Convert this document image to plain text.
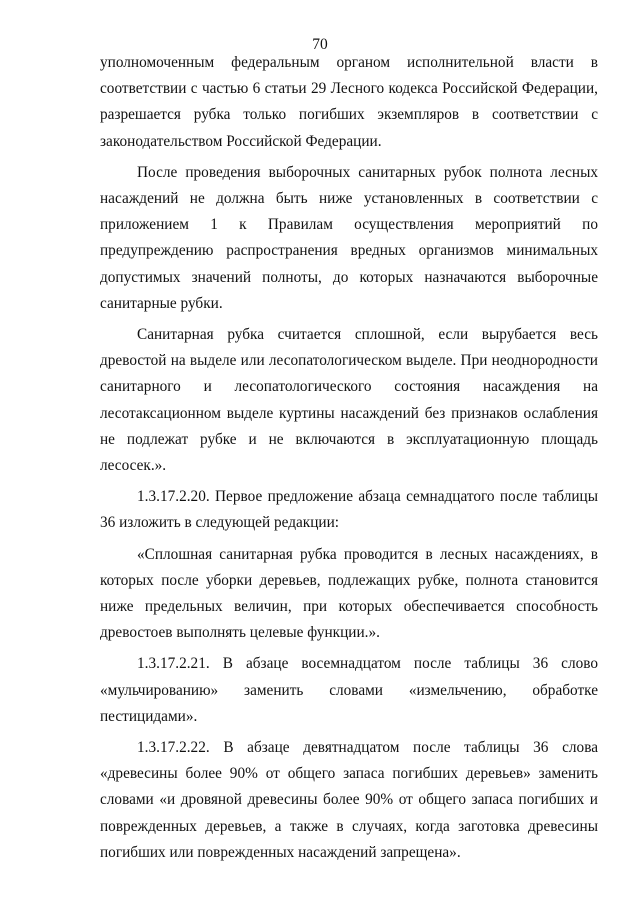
70

уполномоченным федеральным органом исполнительной власти в соответствии с частью 6 статьи 29 Лесного кодекса Российской Федерации, разрешается рубка только погибших экземпляров в соответствии с законодательством Российской Федерации.

После проведения выборочных санитарных рубок полнота лесных насаждений не должна быть ниже установленных в соответствии с приложением 1 к Правилам осуществления мероприятий по предупреждению распространения вредных организмов минимальных допустимых значений полноты, до которых назначаются выборочные санитарные рубки.

Санитарная рубка считается сплошной, если вырубается весь древостой на выделе или лесопатологическом выделе. При неоднородности санитарного и лесопатологического состояния насаждения на лесотаксационном выделе куртины насаждений без признаков ослабления не подлежат рубке и не включаются в эксплуатационную площадь лесосек.».

1.3.17.2.20. Первое предложение абзаца семнадцатого после таблицы 36 изложить в следующей редакции:

«Сплошная санитарная рубка проводится в лесных насаждениях, в которых после уборки деревьев, подлежащих рубке, полнота становится ниже предельных величин, при которых обеспечивается способность древостоев выполнять целевые функции.».

1.3.17.2.21. В абзаце восемнадцатом после таблицы 36 слово «мульчированию» заменить словами «измельчению, обработке пестицидами».

1.3.17.2.22. В абзаце девятнадцатом после таблицы 36 слова «древесины более 90% от общего запаса погибших деревьев» заменить словами «и дровяной древесины более 90% от общего запаса погибших и поврежденных деревьев, а также в случаях, когда заготовка древесины погибших или поврежденных насаждений запрещена».
